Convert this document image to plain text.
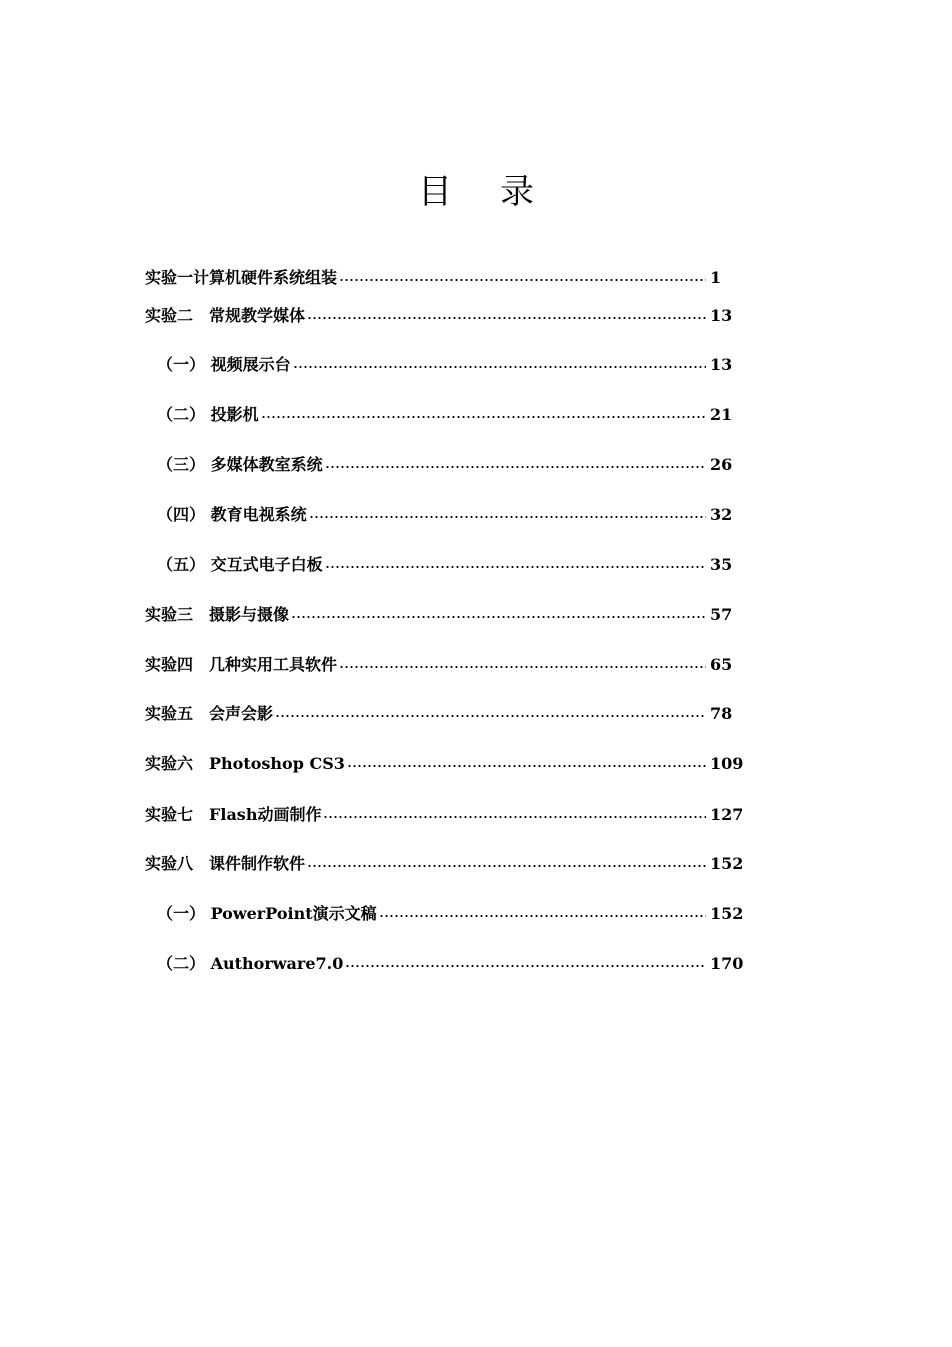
目 录
实验一计算机硬件系统组装	1
实验二　常规教学媒体	13
（一） 视频展示台	13
（二） 投影机	21
（三） 多媒体教室系统	26
（四） 教育电视系统	32
（五） 交互式电子白板	35
实验三　摄影与摄像	57
实验四　几种实用工具软件	65
实验五　会声会影	78
实验六　Photoshop CS3	109
实验七　Flash动画制作	127
实验八　课件制作软件	152
（一） PowerPoint演示文稿	152
（二） Authorware7.0	170
